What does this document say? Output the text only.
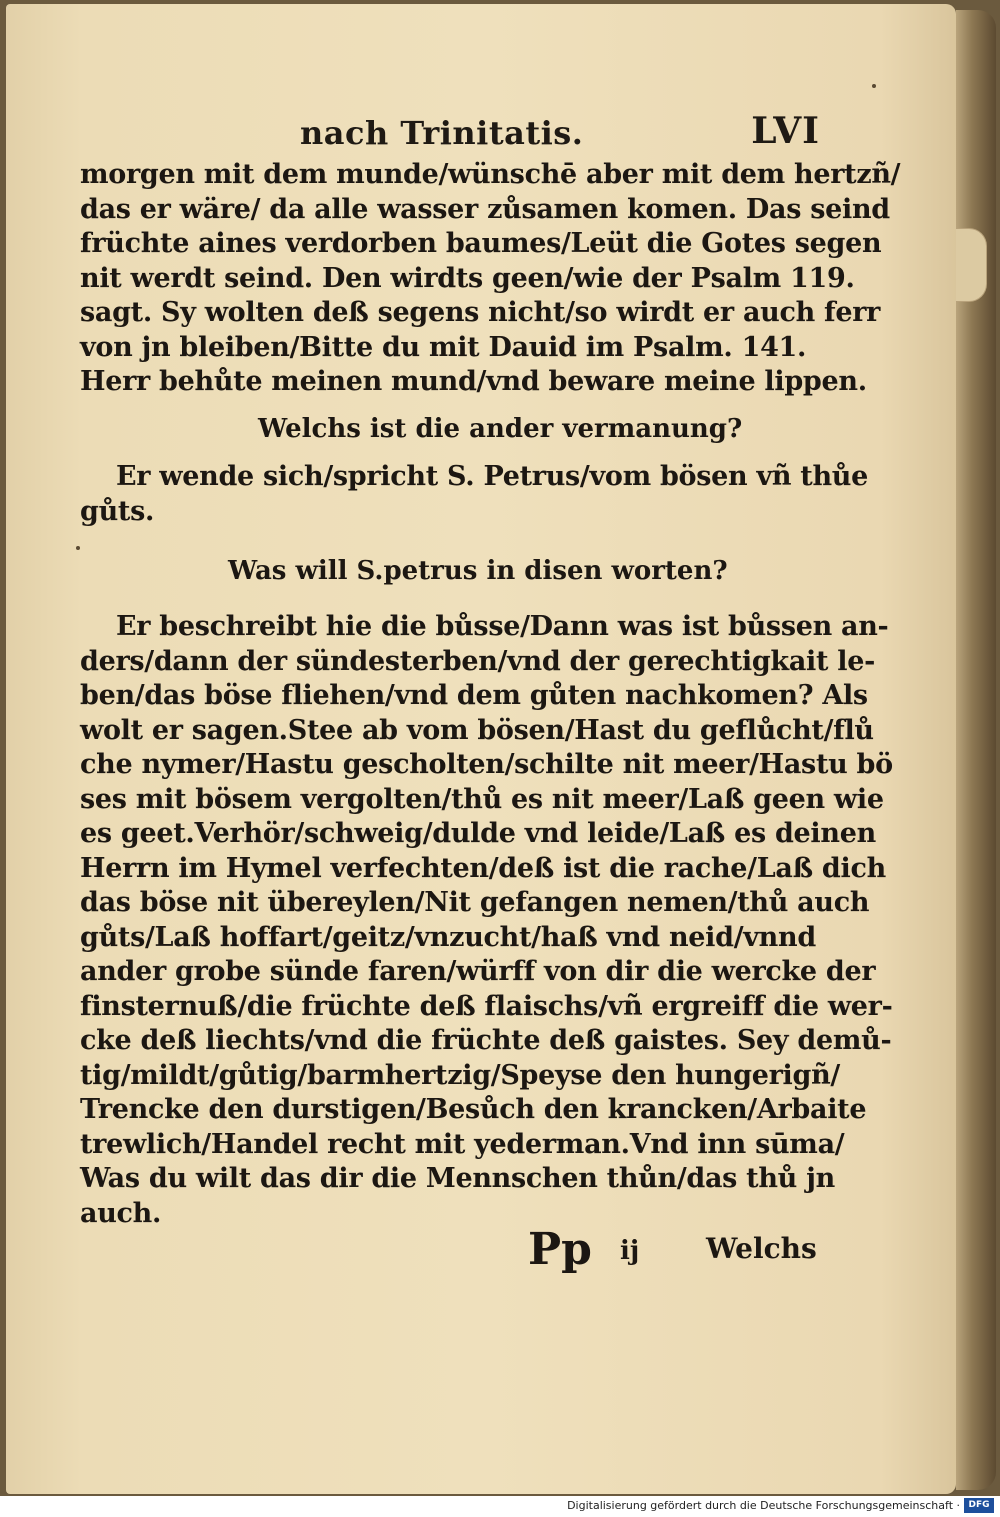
nach Trinitatis.	LVI
morgen mit dem munde/wünschē aber mit dem hertzñ/
das er wäre/ da alle wasser zůsamen komen. Das seind
früchte aines verdorben baumes/Leüt die Gotes segen
nit werdt seind. Den wirdts geen/wie der Psalm 119.
sagt. Sy wolten deß segens nicht/so wirdt er auch ferr
von jn bleiben/Bitte du mit Dauid im Psalm. 141.
Herr behůte meinen mund/vnd beware meine lippen.
Welchs ist die ander vermanung?
Er wende sich/spricht S. Petrus/vom bösen vñ thůe
gůts.
Was will S.petrus in disen worten?
Er beschreibt hie die bůsse/Dann was ist bůssen an-
ders/dann der sündesterben/vnd der gerechtigkait le-
ben/das böse fliehen/vnd dem gůten nachkomen? Als
wolt er sagen.Stee ab vom bösen/Hast du geflůcht/flů
che nymer/Hastu gescholten/schilte nit meer/Hastu bö
ses mit bösem vergolten/thů es nit meer/Laß geen wie
es geet.Verhör/schweig/dulde vnd leide/Laß es deinen
Herrn im Hymel verfechten/deß ist die rache/Laß dich
das böse nit übereylen/Nit gefangen nemen/thů auch
gůts/Laß hoffart/geitz/vnzucht/haß vnd neid/vnnd
ander grobe sünde faren/würff von dir die wercke der
finsternuß/die früchte deß flaischs/vñ ergreiff die wer-
cke deß liechts/vnd die früchte deß gaistes. Sey demů-
tig/mildt/gůtig/barmhertzig/Speyse den hungerigñ/
Trencke den durstigen/Besůch den krancken/Arbaite
trewlich/Handel recht mit yederman.Vnd inn sūma/
Was du wilt das dir die Mennschen thůn/das thů jn
auch.
Pp ij Welchs
Digitalisierung gefördert durch die Deutsche Forschungsgemeinschaft · DFG
